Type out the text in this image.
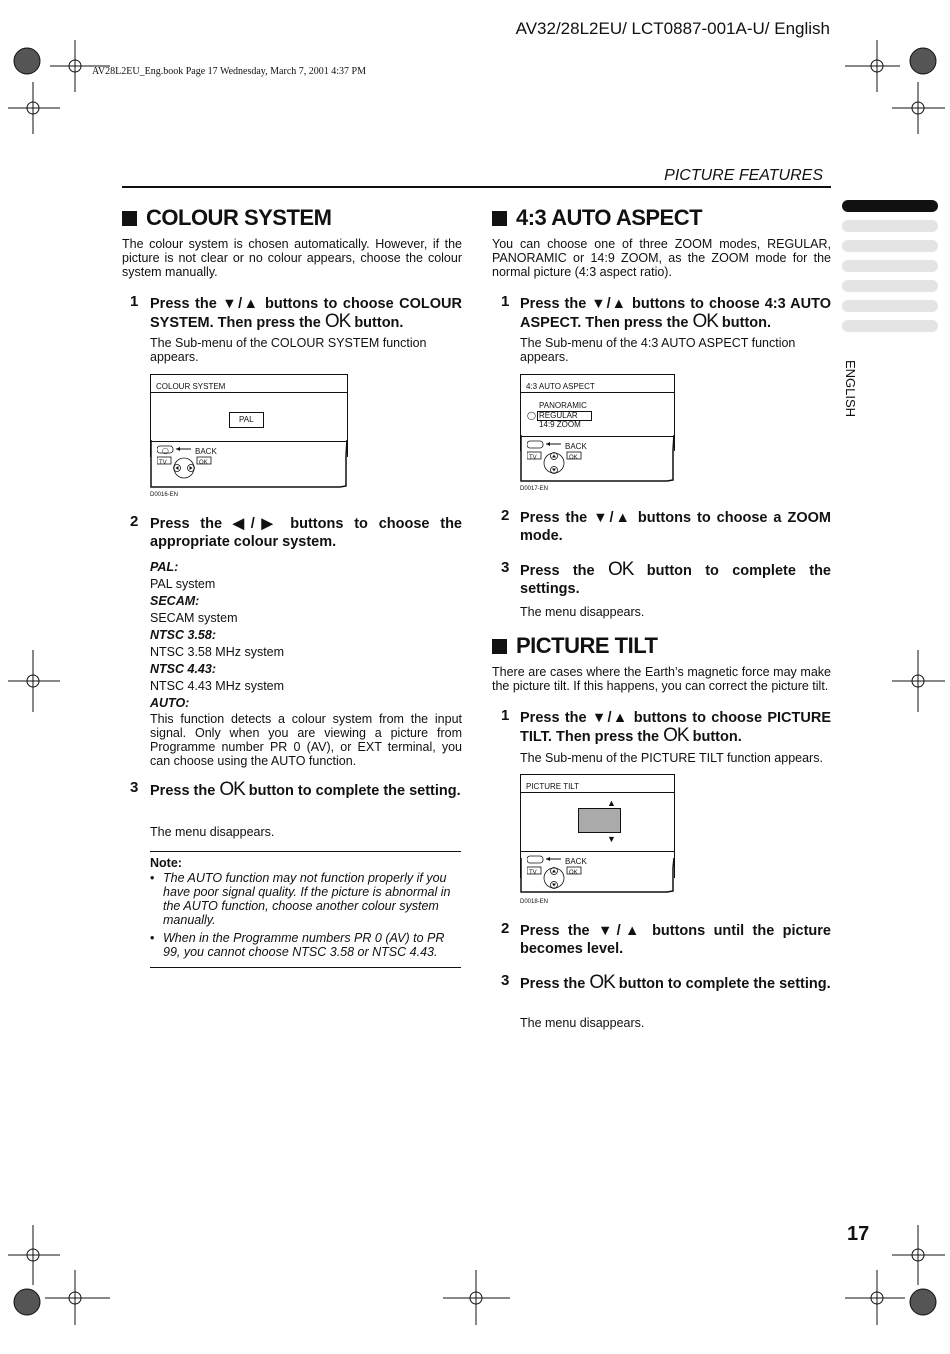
AV32/28L2EU/ LCT0887-001A-U/ English
AV28L2EU_Eng.book Page 17 Wednesday, March 7, 2001 4:37 PM
PICTURE FEATURES
ENGLISH
COLOUR SYSTEM

The colour system is chosen automatically. However, if the picture is not clear or no colour appears, choose the colour system manually.

1 Press the ▼/▲ buttons to choose COLOUR SYSTEM. Then press the OK button.
The Sub-menu of the COLOUR SYSTEM function appears.
COLOUR SYSTEM
PAL
◯	BACK
TV	OK
D0016-EN
2 Press the ◀/▶ buttons to choose the appropriate colour system.
PAL:
PAL system
SECAM:
SECAM system
NTSC 3.58:
NTSC 3.58 MHz system
NTSC 4.43:
NTSC 4.43 MHz system
AUTO:
This function detects a colour system from the input signal. Only when you are viewing a picture from Programme number PR 0 (AV), or EXT terminal, you can choose using the AUTO function.
3 Press the OK button to complete the setting.
The menu disappears.
Note:
• The AUTO function may not function properly if you have poor signal quality. If the picture is abnormal in the AUTO function, choose another colour system manually.
• When in the Programme numbers PR 0 (AV) to PR 99, you cannot choose NTSC 3.58 or NTSC 4.43.
4:3 AUTO ASPECT

You can choose one of three ZOOM modes, REGULAR, PANORAMIC or 14:9 ZOOM, as the ZOOM mode for the normal picture (4:3 aspect ratio).

1 Press the ▼/▲ buttons to choose 4:3 AUTO ASPECT. Then press the OK button.
The Sub-menu of the 4:3 AUTO ASPECT function appears.
4:3 AUTO ASPECT
PANORAMIC
REGULAR
14:9 ZOOM
◯
BACK
TV	OK
D0017-EN
2 Press the ▼/▲ buttons to choose a ZOOM mode.
3 Press the OK button to complete the settings.
The menu disappears.
PICTURE TILT

There are cases where the Earth’s magnetic force may make the picture tilt. If this happens, you can correct the picture tilt.

1 Press the ▼/▲ buttons to choose PICTURE TILT. Then press the OK button.
The Sub-menu of the PICTURE TILT function appears.
PICTURE TILT
▲
▼
BACK
TV	OK
D0018-EN
2 Press the ▼/▲ buttons until the picture becomes level.
3 Press the OK button to complete the setting.
The menu disappears.
17
